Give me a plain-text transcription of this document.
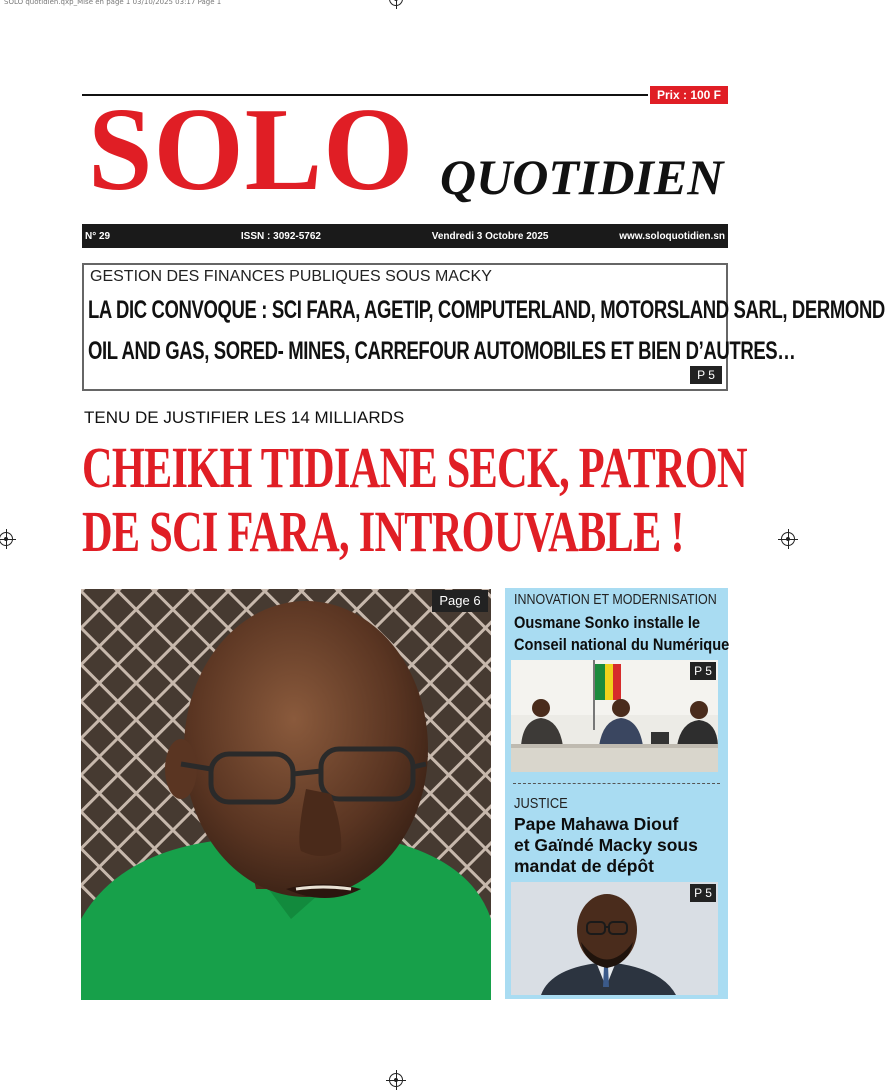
SOLO quotidien.qxp_Mise en page 1 03/10/2025 03:17 Page 1
Prix : 100 F
SOLO QUOTIDIEN
N° 29	ISSN : 3092-5762	Vendredi 3 Octobre 2025	www.soloquotidien.sn
GESTION DES FINANCES PUBLIQUES SOUS MACKY
LA DIC CONVOQUE : SCI FARA, AGETIP, COMPUTERLAND, MOTORSLAND SARL, DERMOND
OIL AND GAS, SORED- MINES, CARREFOUR AUTOMOBILES ET BIEN D’AUTRES…
P 5
TENU DE JUSTIFIER LES 14 MILLIARDS
CHEIKH TIDIANE SECK, PATRON
DE SCI FARA, INTROUVABLE !
Page 6	INNOVATION ET MODERNISATION
Ousmane Sonko installe le
Conseil national du Numérique
P 5
JUSTICE
Pape Mahawa Diouf
et Gaïndé Macky sous
mandat de dépôt
P 5
